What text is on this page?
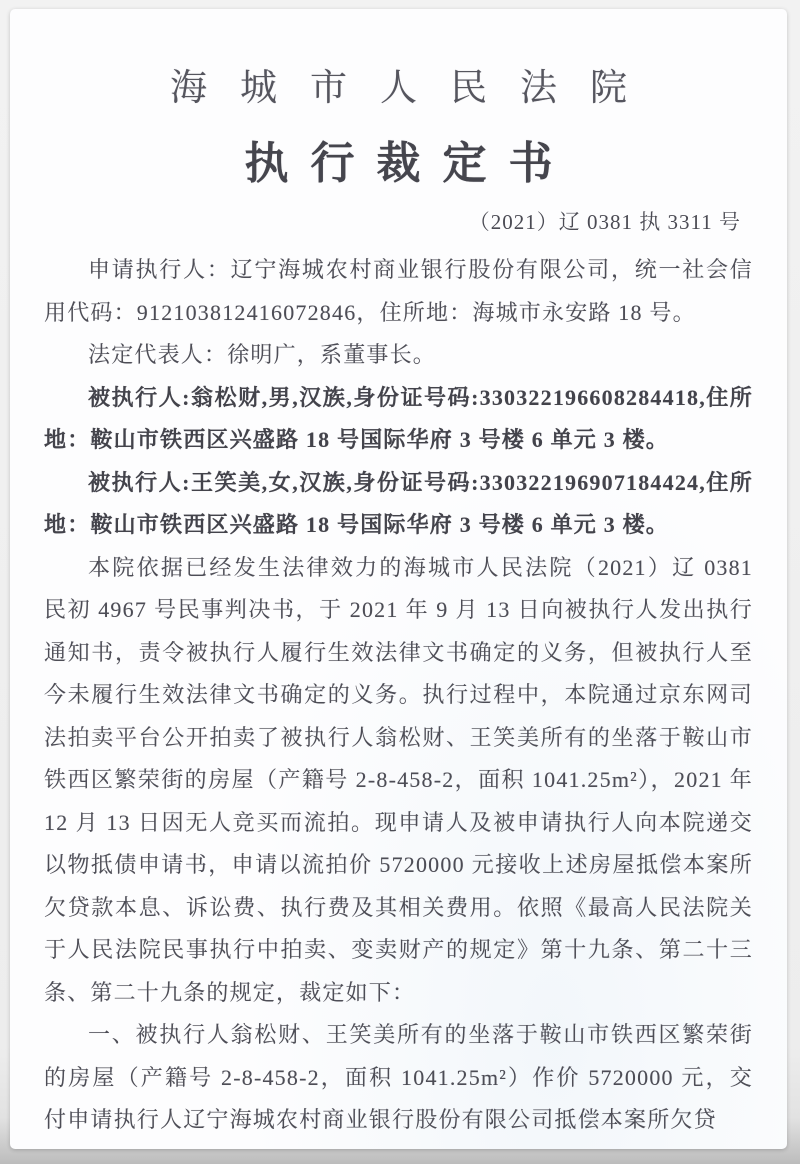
海城市人民法院
执行裁定书
（2021）辽 0381 执 3311 号

申请执行人：辽宁海城农村商业银行股份有限公司，统一社会信用代码：912103812416072846，住所地：海城市永安路 18 号。

法定代表人：徐明广，系董事长。

被执行人:翁松财,男,汉族,身份证号码:330322196608284418,住所地：鞍山市铁西区兴盛路 18 号国际华府 3 号楼 6 单元 3 楼。

被执行人:王笑美,女,汉族,身份证号码:330322196907184424,住所地：鞍山市铁西区兴盛路 18 号国际华府 3 号楼 6 单元 3 楼。

本院依据已经发生法律效力的海城市人民法院（2021）辽 0381 民初 4967 号民事判决书，于 2021 年 9 月 13 日向被执行人发出执行通知书，责令被执行人履行生效法律文书确定的义务，但被执行人至今未履行生效法律文书确定的义务。执行过程中，本院通过京东网司法拍卖平台公开拍卖了被执行人翁松财、王笑美所有的坐落于鞍山市铁西区繁荣街的房屋（产籍号 2-8-458-2，面积 1041.25m²），2021 年 12 月 13 日因无人竞买而流拍。现申请人及被申请执行人向本院递交以物抵债申请书，申请以流拍价 5720000 元接收上述房屋抵偿本案所欠贷款本息、诉讼费、执行费及其相关费用。依照《最高人民法院关于人民法院民事执行中拍卖、变卖财产的规定》第十九条、第二十三条、第二十九条的规定，裁定如下：

一、被执行人翁松财、王笑美所有的坐落于鞍山市铁西区繁荣街的房屋（产籍号 2-8-458-2，面积 1041.25m²）作价 5720000 元，交付申请执行人辽宁海城农村商业银行股份有限公司抵偿本案所欠贷
